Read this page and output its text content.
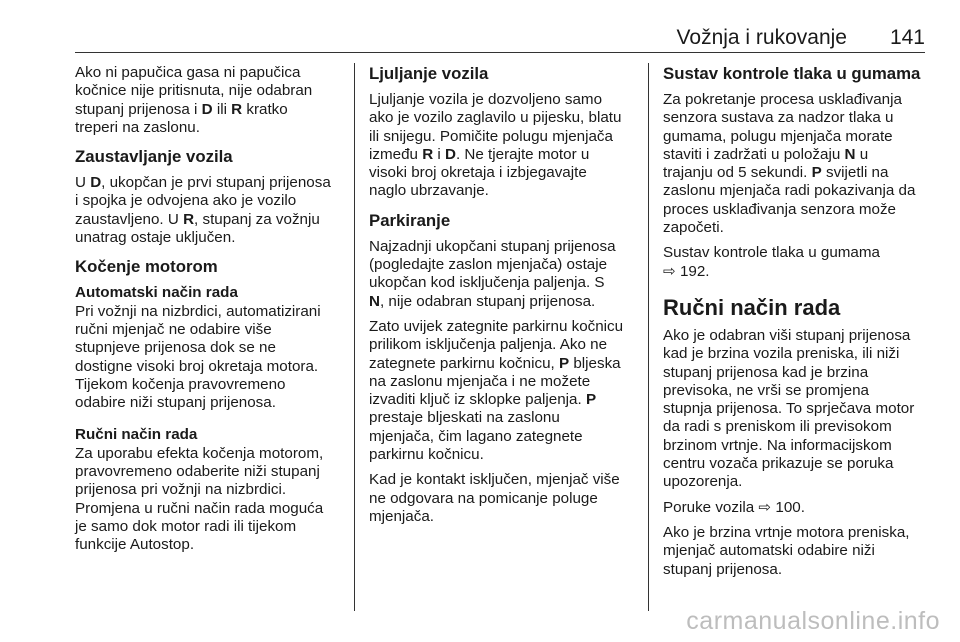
Vožnja i rukovanje 141

Ako ni papučica gasa ni papučica
kočnice nije pritisnuta, nije odabran
stupanj prijenosa i D ili R kratko
treperi na zaslonu.

Zaustavljanje vozila

U D, ukopčan je prvi stupanj prijenosa
i spojka je odvojena ako je vozilo
zaustavljeno. U R, stupanj za vožnju
unatrag ostaje uključen.

Kočenje motorom
Automatski način rada

Pri vožnji na nizbrdici, automatizirani
ručni mjenjač ne odabire više
stupnjeve prijenosa dok se ne
dostigne visoki broj okretaja motora.
Tijekom kočenja pravovremeno
odabire niži stupanj prijenosa.

Ručni način rada

Za uporabu efekta kočenja motorom,
pravovremeno odaberite niži stupanj
prijenosa pri vožnji na nizbrdici.
Promjena u ručni način rada moguća
je samo dok motor radi ili tijekom
funkcije Autostop.

Ljuljanje vozila

Ljuljanje vozila je dozvoljeno samo
ako je vozilo zaglavilo u pijesku, blatu
ili snijegu. Pomičite polugu mjenjača
između R i D. Ne tjerajte motor u
visoki broj okretaja i izbjegavajte
naglo ubrzavanje.

Parkiranje

Najzadnji ukopčani stupanj prijenosa
(pogledajte zaslon mjenjača) ostaje
ukopčan kod isključenja paljenja. S
N, nije odabran stupanj prijenosa.

Zato uvijek zategnite parkirnu kočnicu
prilikom isključenja paljenja. Ako ne
zategnete parkirnu kočnicu, P bljeska
na zaslonu mjenjača i ne možete
izvaditi ključ iz sklopke paljenja. P
prestaje bljeskati na zaslonu
mjenjača, čim lagano zategnete
parkirnu kočnicu.

Kad je kontakt isključen, mjenjač više
ne odgovara na pomicanje poluge
mjenjača.

Sustav kontrole tlaka u gumama

Za pokretanje procesa usklađivanja
senzora sustava za nadzor tlaka u
gumama, polugu mjenjača morate
staviti i zadržati u položaju N u
trajanju od 5 sekundi. P svijetli na
zaslonu mjenjača radi pokazivanja da
proces usklađivanja senzora može
započeti.

Sustav kontrole tlaka u gumama
⇨ 192.

Ručni način rada

Ako je odabran viši stupanj prijenosa
kad je brzina vozila preniska, ili niži
stupanj prijenosa kad je brzina
previsoka, ne vrši se promjena
stupnja prijenosa. To sprječava motor
da radi s preniskom ili previsokom
brzinom vrtnje. Na informacijskom
centru vozača prikazuje se poruka
upozorenja.

Poruke vozila ⇨ 100.

Ako je brzina vrtnje motora preniska,
mjenjač automatski odabire niži
stupanj prijenosa.

carmanualsonline.info
